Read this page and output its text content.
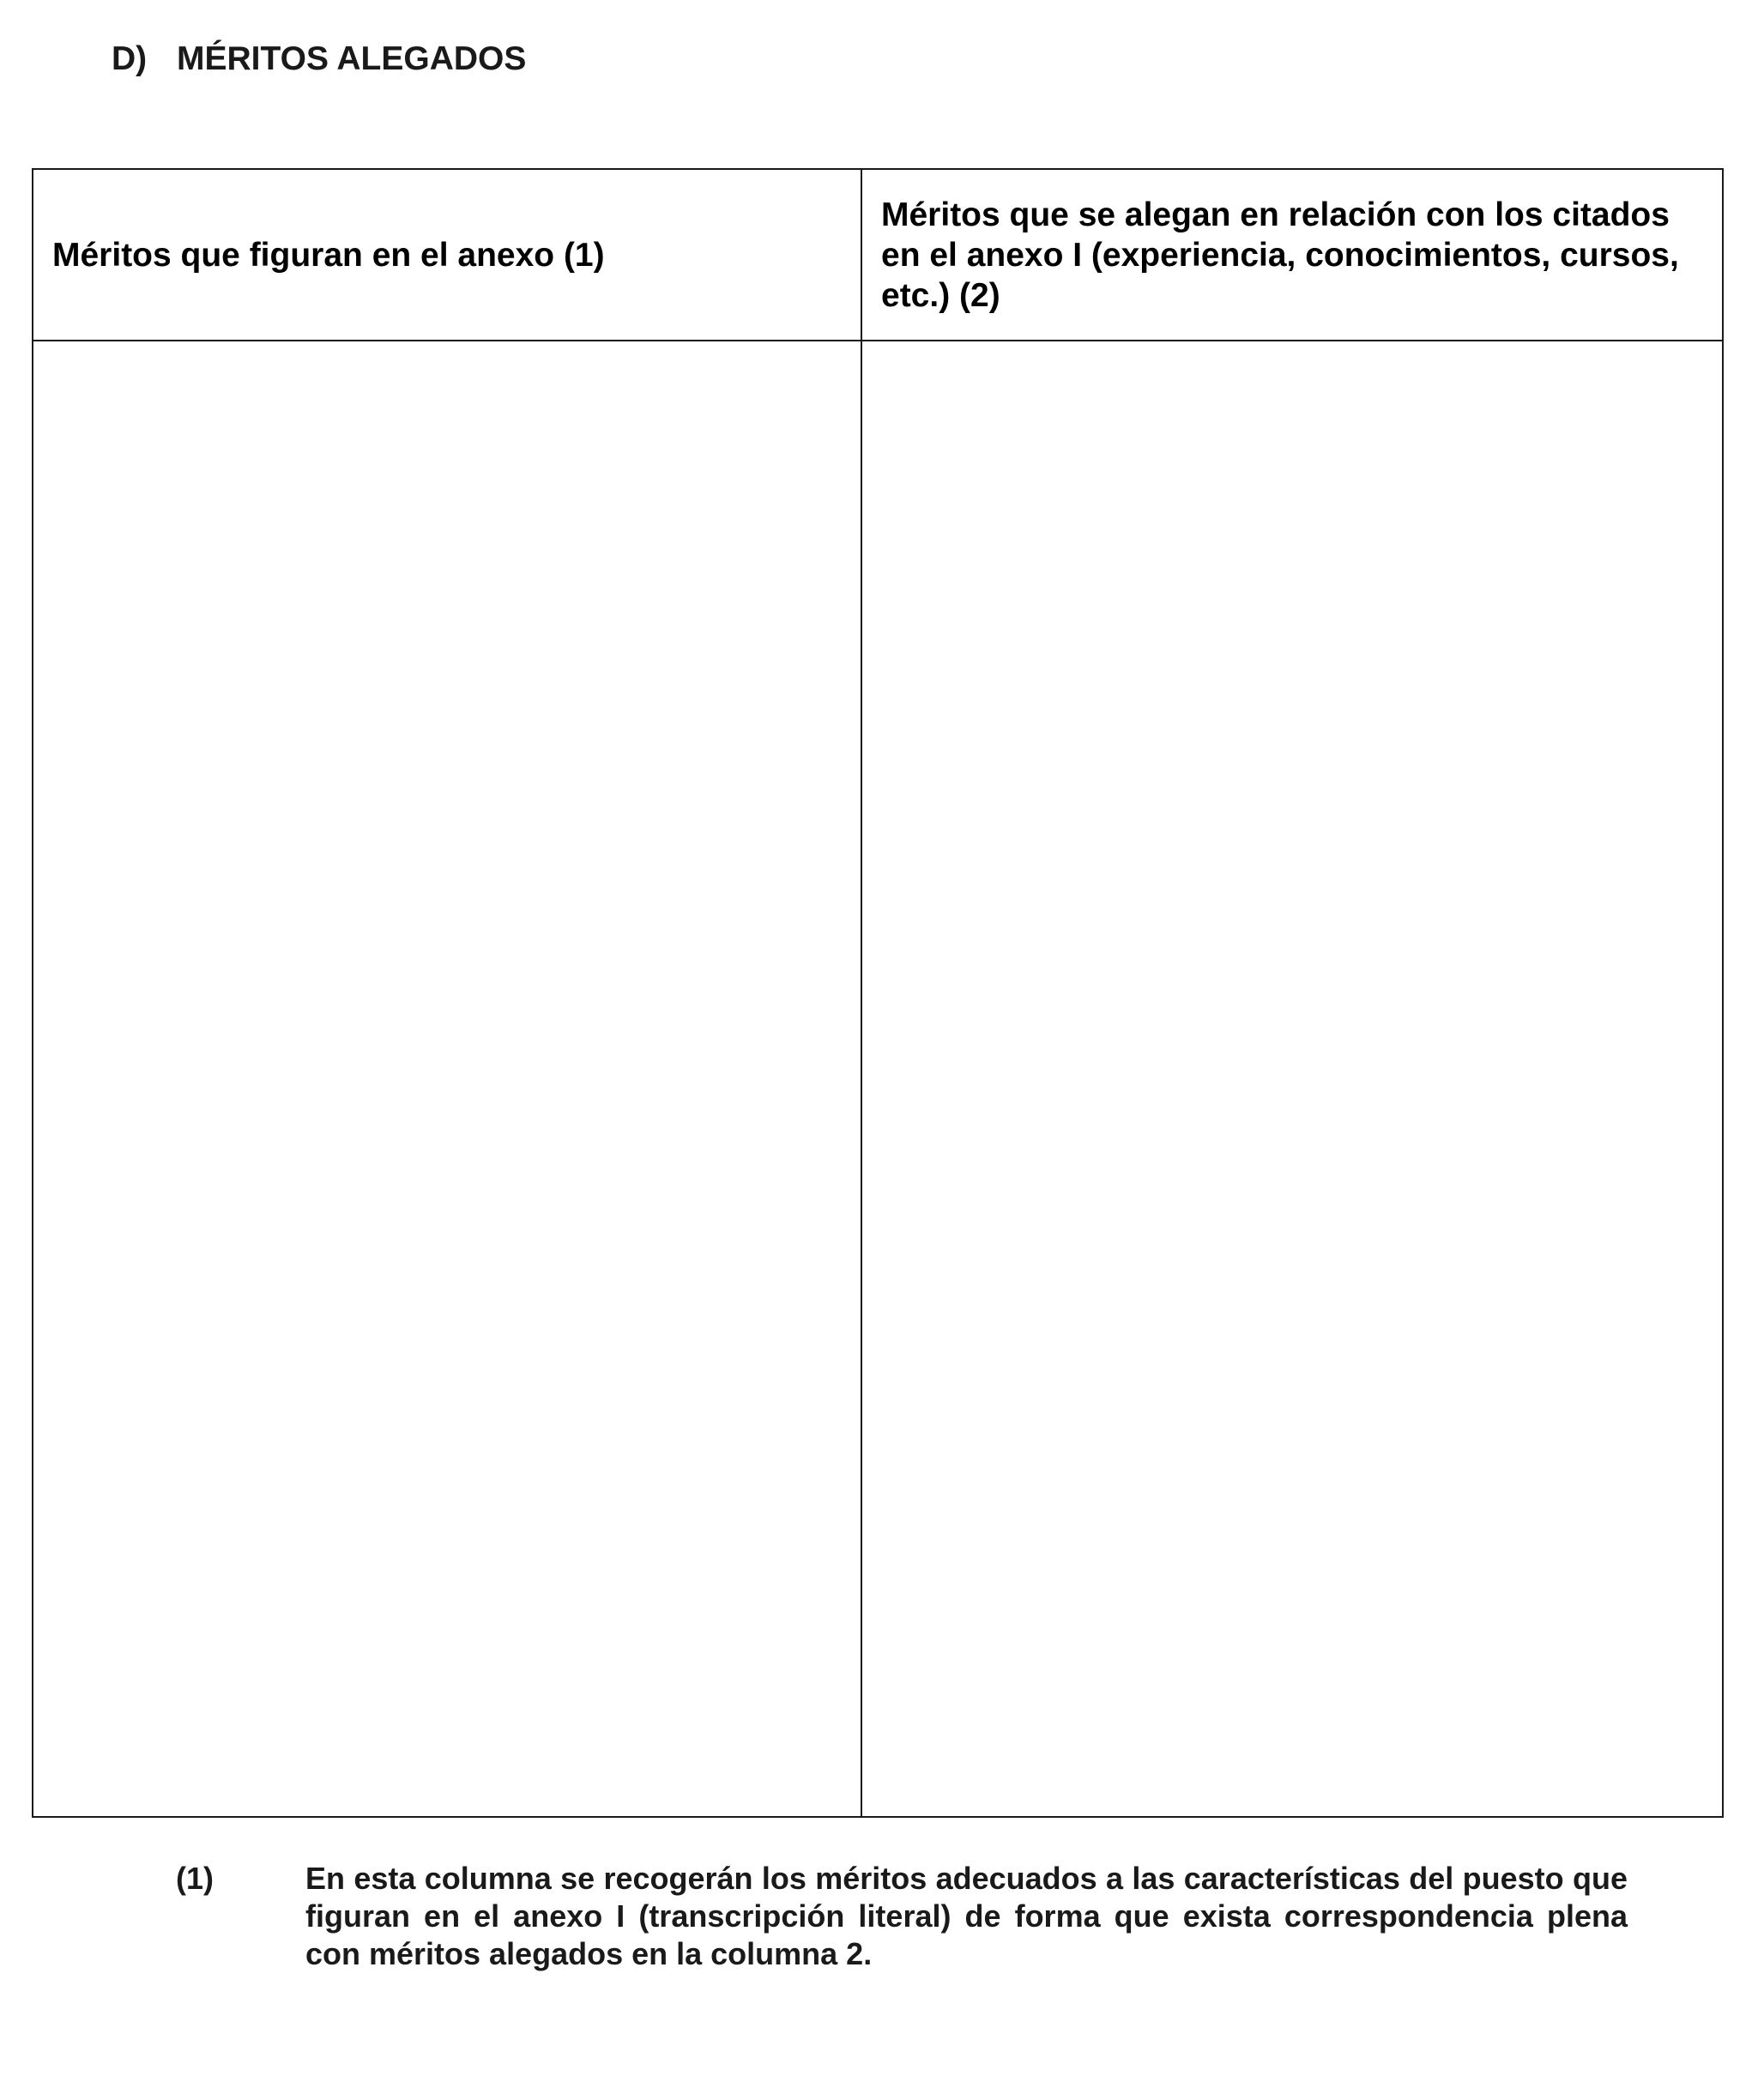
D) MÉRITOS ALEGADOS
Méritos que figuran en el anexo (1)	Méritos que se alegan en relación con los citados en el anexo I (experiencia, conocimientos, cursos, etc.) (2)

(1)	En esta columna se recogerán los méritos adecuados a las características del puesto que figuran en el anexo I (transcripción literal) de forma que exista correspondencia plena con méritos alegados en la columna 2.
